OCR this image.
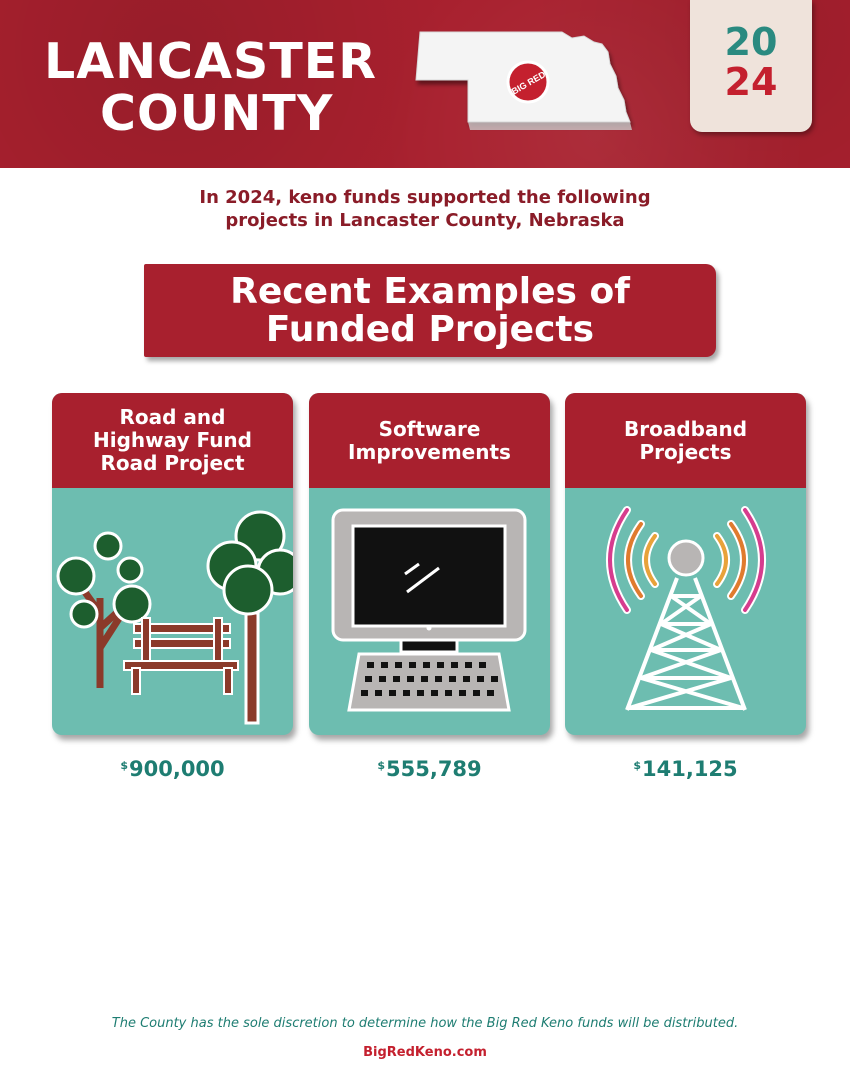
LANCASTER
COUNTY
BIG RED
20
24
In 2024, keno funds supported the following
projects in Lancaster County, Nebraska
Recent Examples of
Funded Projects
Road and
Highway Fund
Road Project
Software
Improvements
Broadband
Projects
$900,000	$555,789	$141,125
The County has the sole discretion to determine how the Big Red Keno funds will be distributed.
BigRedKeno.com
